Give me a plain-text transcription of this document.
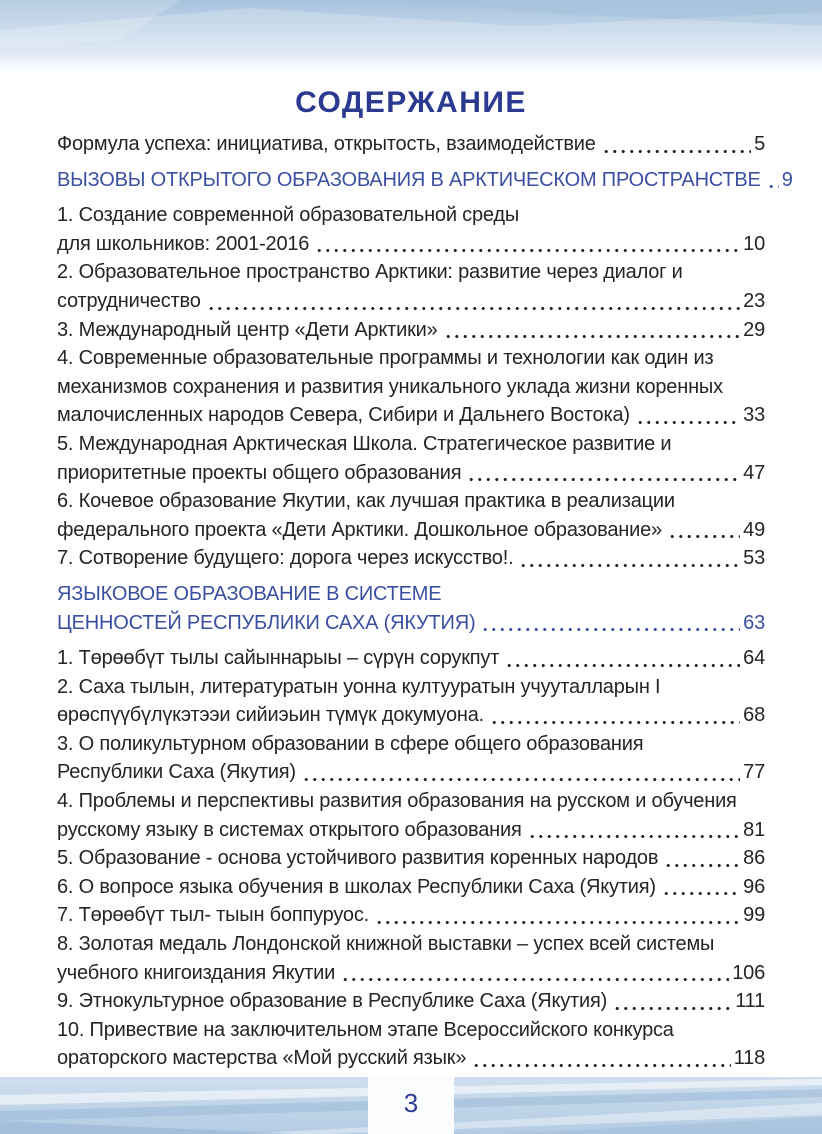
СОДЕРЖАНИЕ
Формула успеха: инициатива, открытость, взаимодействие	5
ВЫЗОВЫ ОТКРЫТОГО ОБРАЗОВАНИЯ В АРКТИЧЕСКОМ ПРОСТРАНСТВЕ 9
1. Создание современной образовательной среды
для школьников: 2001-2016	10
2. Образовательное пространство Арктики: развитие через диалог и
сотрудничество	23
3. Международный центр «Дети Арктики»	29
4. Современные образовательные программы и технологии как один из
механизмов сохранения и развития уникального уклада жизни коренных
малочисленных народов Севера, Сибири и Дальнего Востока)	33
5. Международная Арктическая Школа. Стратегическое развитие и
приоритетные проекты общего образования	47
6. Кочевое образование Якутии, как лучшая практика в реализации
федерального проекта «Дети Арктики. Дошкольное образование»	49
7. Сотворение будущего: дорога через искусство!.	53
ЯЗЫКОВОЕ ОБРАЗОВАНИЕ В СИСТЕМЕ
ЦЕННОСТЕЙ РЕСПУБЛИКИ САХА (ЯКУТИЯ)	63
1. Төрөөбүт тылы сайыннарыы – сүрүн сорукпут	64
2. Саха тылын, литературатын уонна култууратын учууталларын I
өрөспүүбүлүкэтээи сийиэьин түмүк докумуона.	68
3. О поликультурном образовании в сфере общего образования
Республики Саха (Якутия)	77
4. Проблемы и перспективы развития образования на русском и обучения
русскому языку в системах открытого образования	81
5. Образование - основа устойчивого развития коренных народов	86
6. О вопросе языка обучения в школах Республики Саха (Якутия)	96
7. Төрөөбүт тыл- тыын боппуруос.	99
8. Золотая медаль Лондонской книжной выставки – успех всей системы
учебного книгоиздания Якутии	106
9. Этнокультурное образование в Республике Саха (Якутия)	111
10. Привествие на заключительном этапе Всероссийского конкурса
ораторского мастерства «Мой русский язык»	118
3
